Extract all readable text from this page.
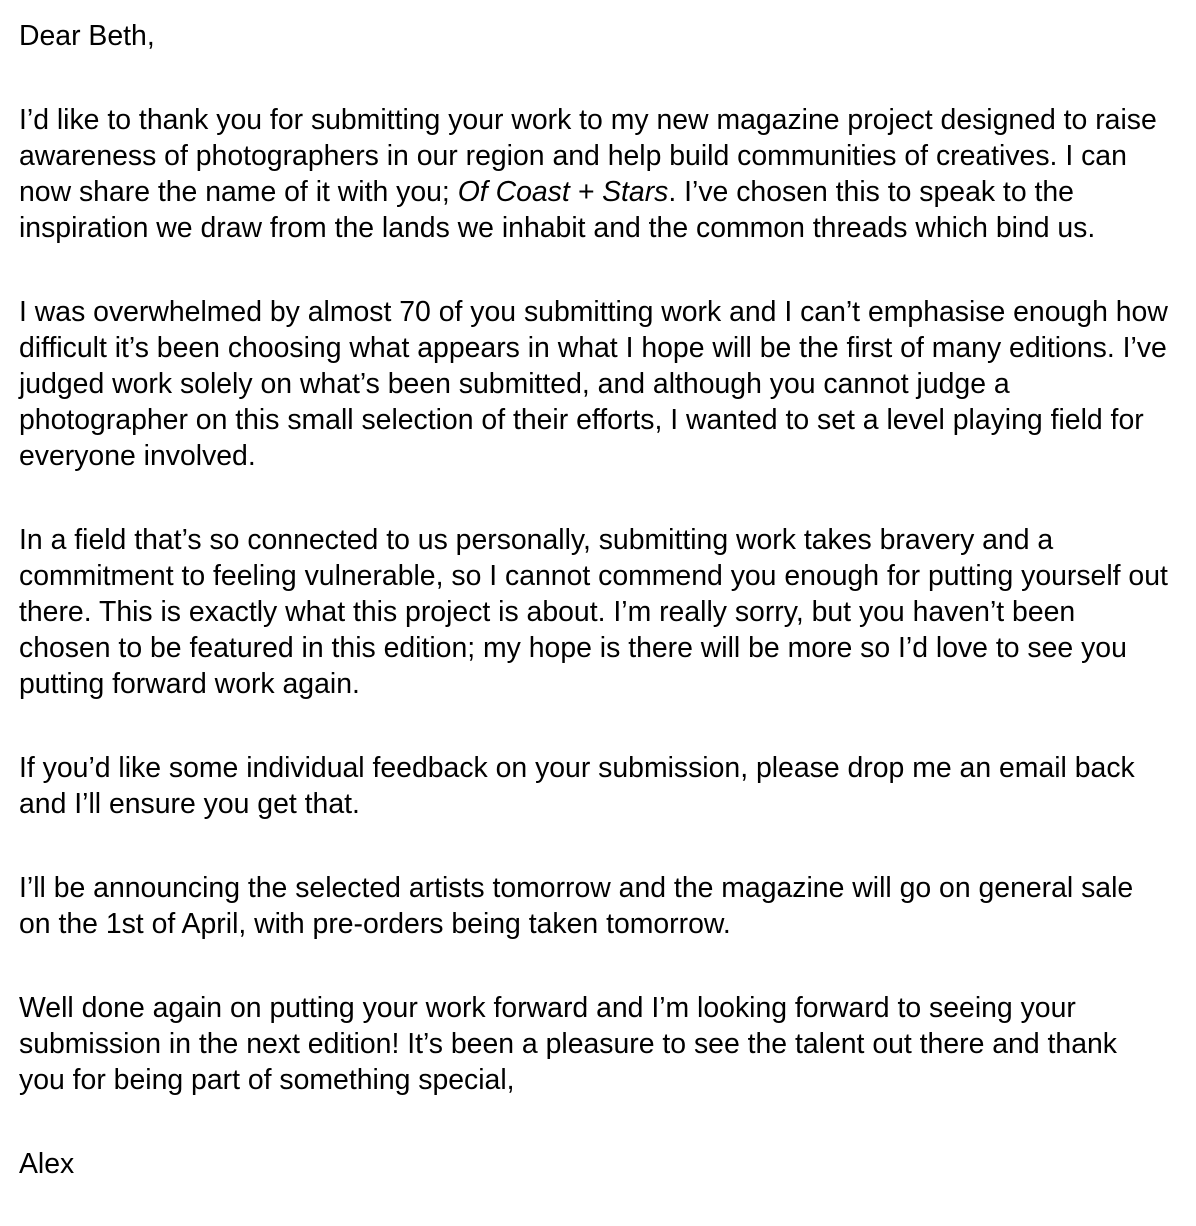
Dear Beth,

I’d like to thank you for submitting your work to my new magazine project designed to raise awareness of photographers in our region and help build communities of creatives. I can now share the name of it with you; Of Coast + Stars. I’ve chosen this to speak to the inspiration we draw from the lands we inhabit and the common threads which bind us.

I was overwhelmed by almost 70 of you submitting work and I can’t emphasise enough how difficult it’s been choosing what appears in what I hope will be the first of many editions. I’ve judged work solely on what’s been submitted, and although you cannot judge a photographer on this small selection of their efforts, I wanted to set a level playing field for everyone involved.

In a field that’s so connected to us personally, submitting work takes bravery and a commitment to feeling vulnerable, so I cannot commend you enough for putting yourself out there. This is exactly what this project is about. I’m really sorry, but you haven’t been chosen to be featured in this edition; my hope is there will be more so I’d love to see you putting forward work again.

If you’d like some individual feedback on your submission, please drop me an email back and I’ll ensure you get that.

I’ll be announcing the selected artists tomorrow and the magazine will go on general sale on the 1st of April, with pre-orders being taken tomorrow.

Well done again on putting your work forward and I’m looking forward to seeing your submission in the next edition! It’s been a pleasure to see the talent out there and thank you for being part of something special,

Alex
